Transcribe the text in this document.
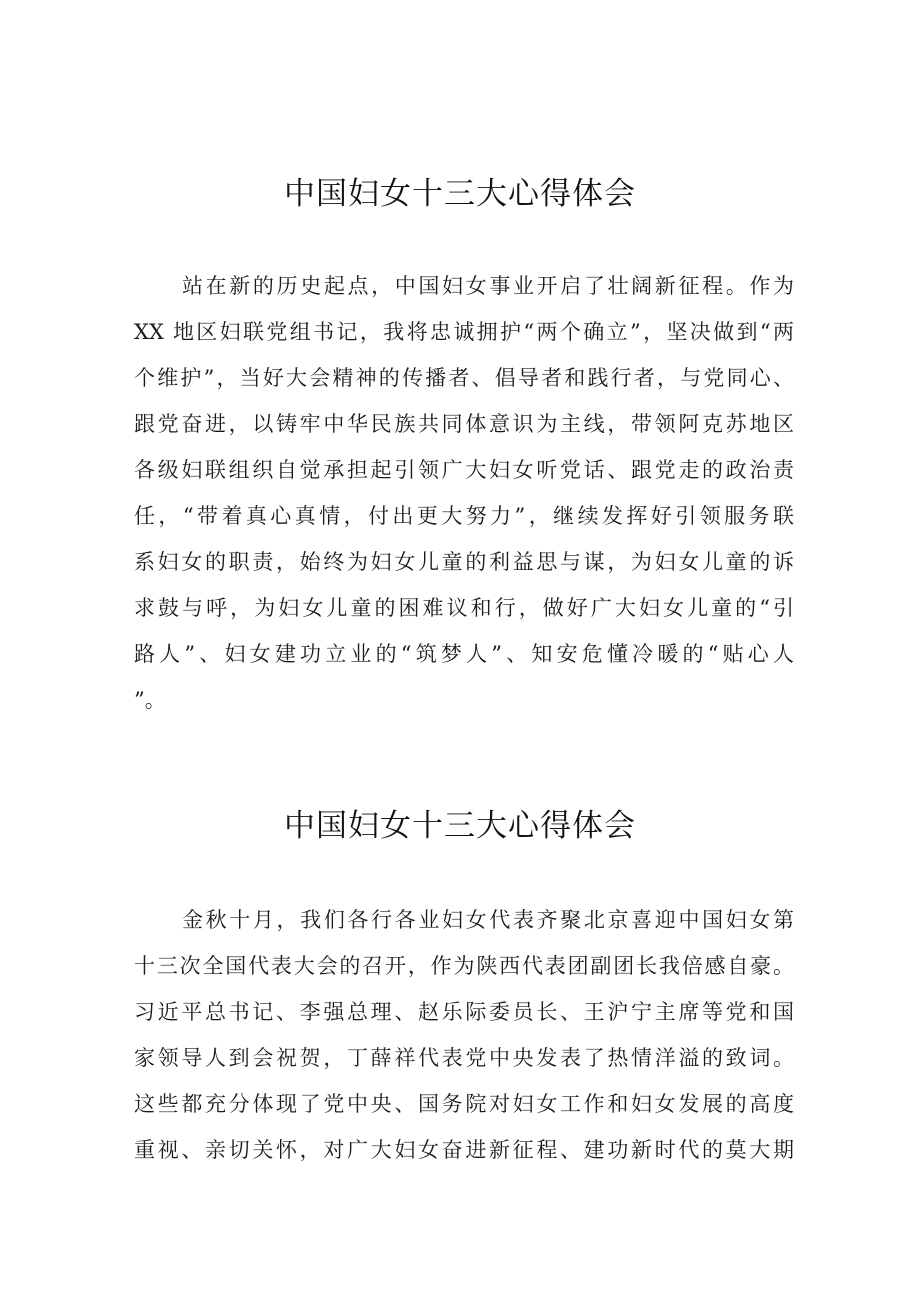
中国妇女十三大心得体会
站在新的历史起点，中国妇女事业开启了壮阔新征程。作为
XX 地区妇联党组书记，我将忠诚拥护“两个确立”，坚决做到“两
个维护”，当好大会精神的传播者、倡导者和践行者，与党同心、
跟党奋进，以铸牢中华民族共同体意识为主线，带领阿克苏地区
各级妇联组织自觉承担起引领广大妇女听党话、跟党走的政治责
任，“带着真心真情，付出更大努力”，继续发挥好引领服务联
系妇女的职责，始终为妇女儿童的利益思与谋，为妇女儿童的诉
求鼓与呼，为妇女儿童的困难议和行，做好广大妇女儿童的“引
路人”、妇女建功立业的“筑梦人”、知安危懂冷暖的“贴心人
”。
中国妇女十三大心得体会
金秋十月，我们各行各业妇女代表齐聚北京喜迎中国妇女第
十三次全国代表大会的召开，作为陕西代表团副团长我倍感自豪。
习近平总书记、李强总理、赵乐际委员长、王沪宁主席等党和国
家领导人到会祝贺，丁薛祥代表党中央发表了热情洋溢的致词。
这些都充分体现了党中央、国务院对妇女工作和妇女发展的高度
重视、亲切关怀，对广大妇女奋进新征程、建功新时代的莫大期
